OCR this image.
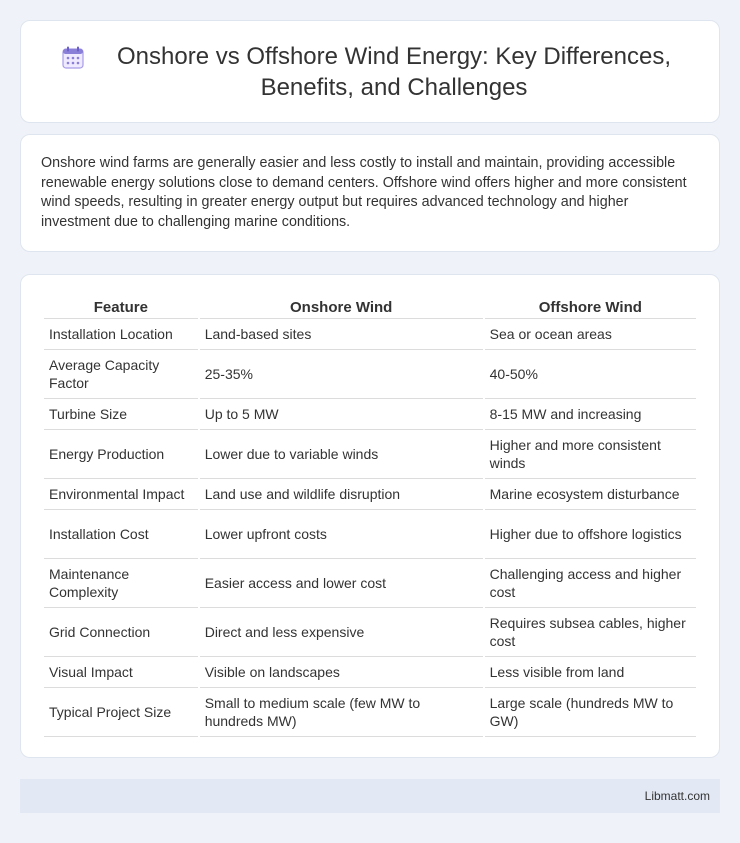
Onshore vs Offshore Wind Energy: Key Differences, Benefits, and Challenges

Onshore wind farms are generally easier and less costly to install and maintain, providing accessible renewable energy solutions close to demand centers. Offshore wind offers higher and more consistent wind speeds, resulting in greater energy output but requires advanced technology and higher investment due to challenging marine conditions.

Feature	Onshore Wind	Offshore Wind
Installation Location	Land-based sites	Sea or ocean areas
Average Capacity Factor	25-35%	40-50%
Turbine Size	Up to 5 MW	8-15 MW and increasing
Energy Production	Lower due to variable winds	Higher and more consistent winds
Environmental Impact	Land use and wildlife disruption	Marine ecosystem disturbance
Installation Cost	Lower upfront costs	Higher due to offshore logistics
Maintenance Complexity	Easier access and lower cost	Challenging access and higher cost
Grid Connection	Direct and less expensive	Requires subsea cables, higher cost
Visual Impact	Visible on landscapes	Less visible from land
Typical Project Size	Small to medium scale (few MW to hundreds MW)	Large scale (hundreds MW to GW)
Libmatt.com
